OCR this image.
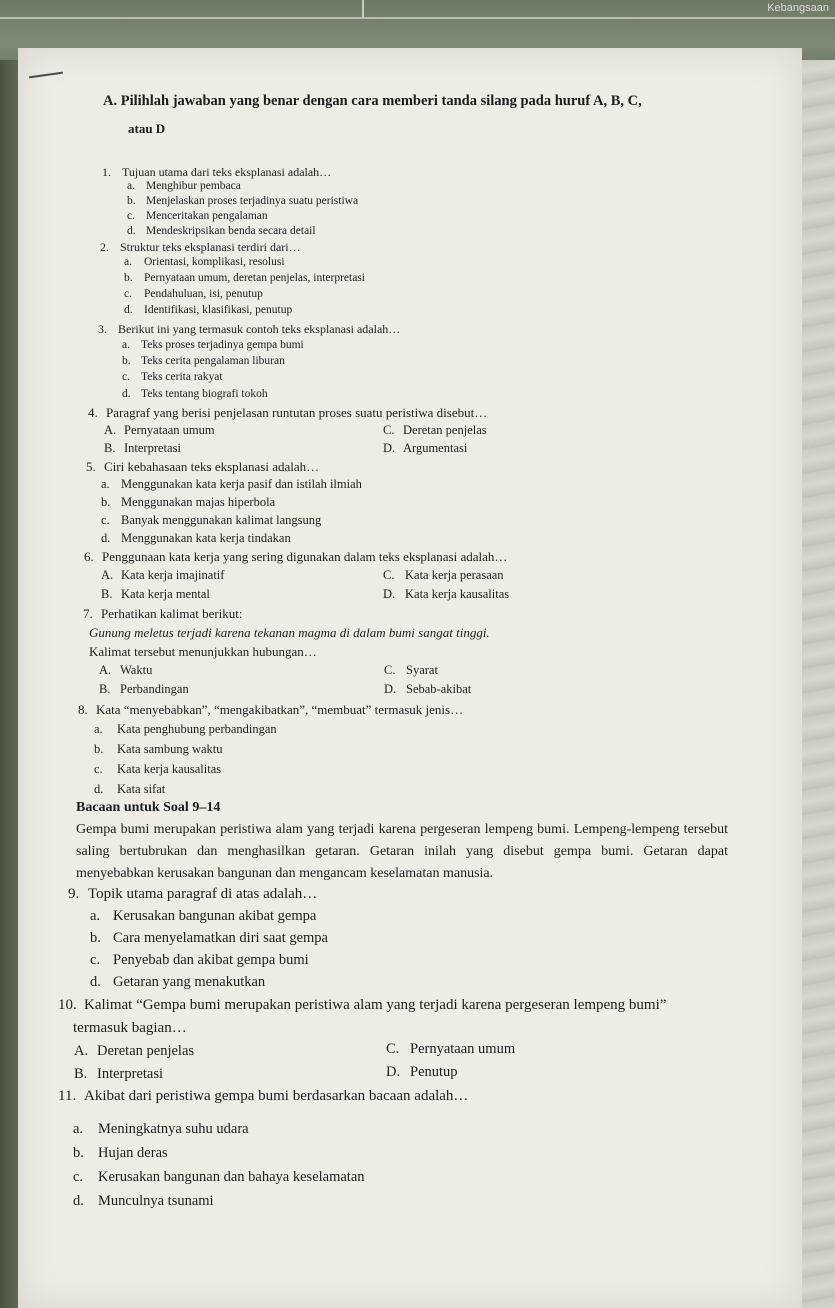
Kebangsaan
A. Pilihlah jawaban yang benar dengan cara memberi tanda silang pada huruf A, B, C,
atau D
1. Tujuan utama dari teks eksplanasi adalah…
a. Menghibur pembaca
b. Menjelaskan proses terjadinya suatu peristiwa
c. Menceritakan pengalaman
d. Mendeskripsikan benda secara detail
2. Struktur teks eksplanasi terdiri dari…
a. Orientasi, komplikasi, resolusi
b. Pernyataan umum, deretan penjelas, interpretasi
c. Pendahuluan, isi, penutup
d. Identifikasi, klasifikasi, penutup
3. Berikut ini yang termasuk contoh teks eksplanasi adalah…
a. Teks proses terjadinya gempa bumi
b. Teks cerita pengalaman liburan
c. Teks cerita rakyat
d. Teks tentang biografi tokoh
4. Paragraf yang berisi penjelasan runtutan proses suatu peristiwa disebut…
A. Pernyataan umum	C. Deretan penjelas
B. Interpretasi	D. Argumentasi
5. Ciri kebahasaan teks eksplanasi adalah…
a. Menggunakan kata kerja pasif dan istilah ilmiah
b. Menggunakan majas hiperbola
c. Banyak menggunakan kalimat langsung
d. Menggunakan kata kerja tindakan
6. Penggunaan kata kerja yang sering digunakan dalam teks eksplanasi adalah…
A. Kata kerja imajinatif	C. Kata kerja perasaan
B. Kata kerja mental	D. Kata kerja kausalitas
7. Perhatikan kalimat berikut:
Gunung meletus terjadi karena tekanan magma di dalam bumi sangat tinggi.
Kalimat tersebut menunjukkan hubungan…
A. Waktu	C. Syarat
B. Perbandingan	D. Sebab-akibat
8. Kata “menyebabkan”, “mengakibatkan”, “membuat” termasuk jenis…
a. Kata penghubung perbandingan
b. Kata sambung waktu
c. Kata kerja kausalitas
d. Kata sifat
Bacaan untuk Soal 9–14
Gempa bumi merupakan peristiwa alam yang terjadi karena pergeseran lempeng bumi. Lempeng-lempeng tersebut saling bertubrukan dan menghasilkan getaran. Getaran inilah yang disebut gempa bumi. Getaran dapat menyebabkan kerusakan bangunan dan mengancam keselamatan manusia.
9. Topik utama paragraf di atas adalah…
a. Kerusakan bangunan akibat gempa
b. Cara menyelamatkan diri saat gempa
c. Penyebab dan akibat gempa bumi
d. Getaran yang menakutkan
10. Kalimat “Gempa bumi merupakan peristiwa alam yang terjadi karena pergeseran lempeng bumi”
termasuk bagian…
A. Deretan penjelas	C. Pernyataan umum
B. Interpretasi	D. Penutup
11. Akibat dari peristiwa gempa bumi berdasarkan bacaan adalah…
a. Meningkatnya suhu udara
b. Hujan deras
c. Kerusakan bangunan dan bahaya keselamatan
d. Munculnya tsunami
